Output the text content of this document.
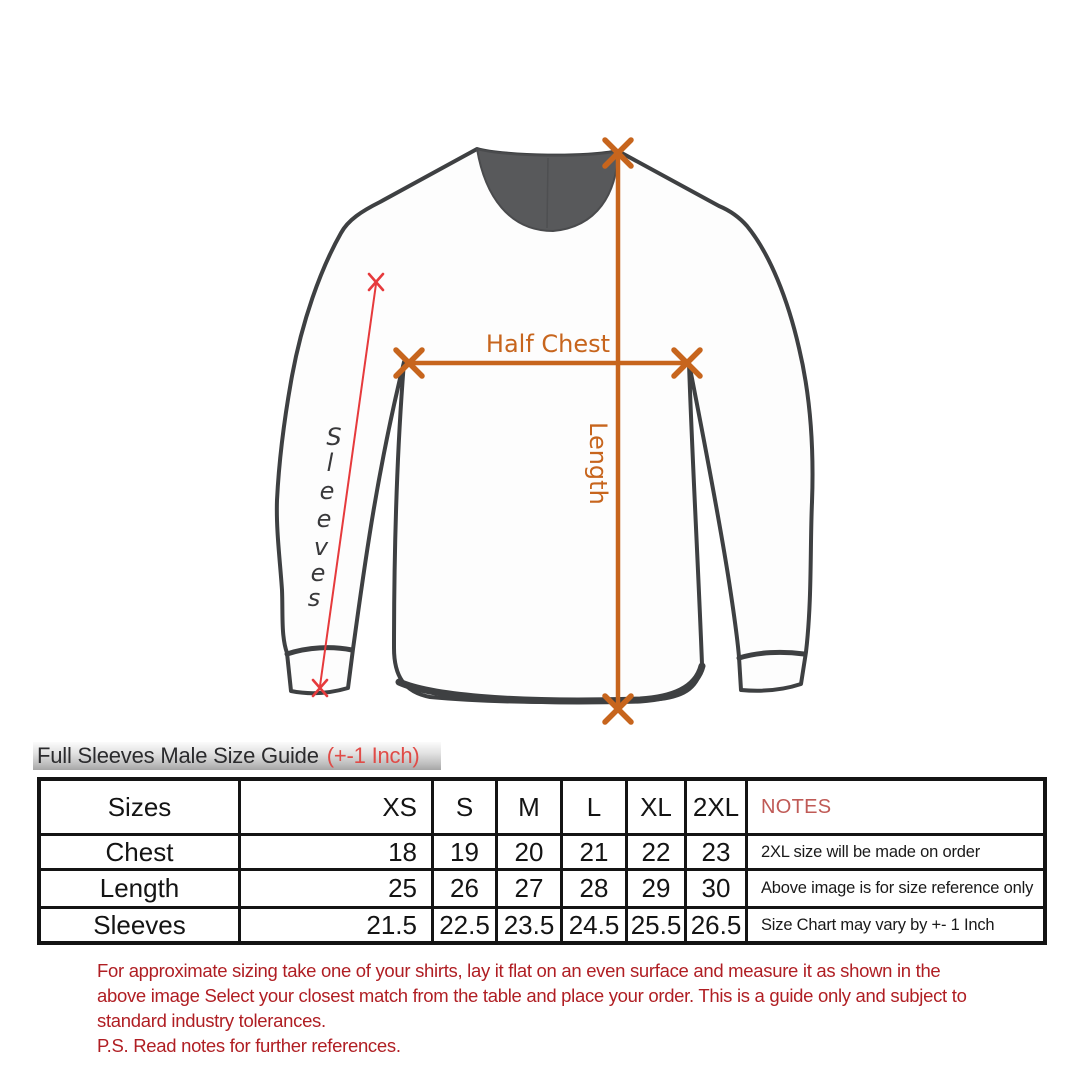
Half Chest
Length
S
l
e
e
v
e
s
Full Sleeves Male Size Guide (+-1 Inch)
Sizes	XS	S	M	L	XL	2XL	NOTES
Chest	18	19	20	21	22	23	2XL size will be made on order
Length	25	26	27	28	29	30	Above image is for size reference only
Sleeves	21.5	22.5	23.5	24.5	25.5	26.5	Size Chart may vary by +- 1 Inch
For approximate sizing take one of your shirts, lay it flat on an even surface and measure it as shown in the
above image Select your closest match from the table and place your order. This is a guide only and subject to
standard industry tolerances.
P.S. Read notes for further references.
